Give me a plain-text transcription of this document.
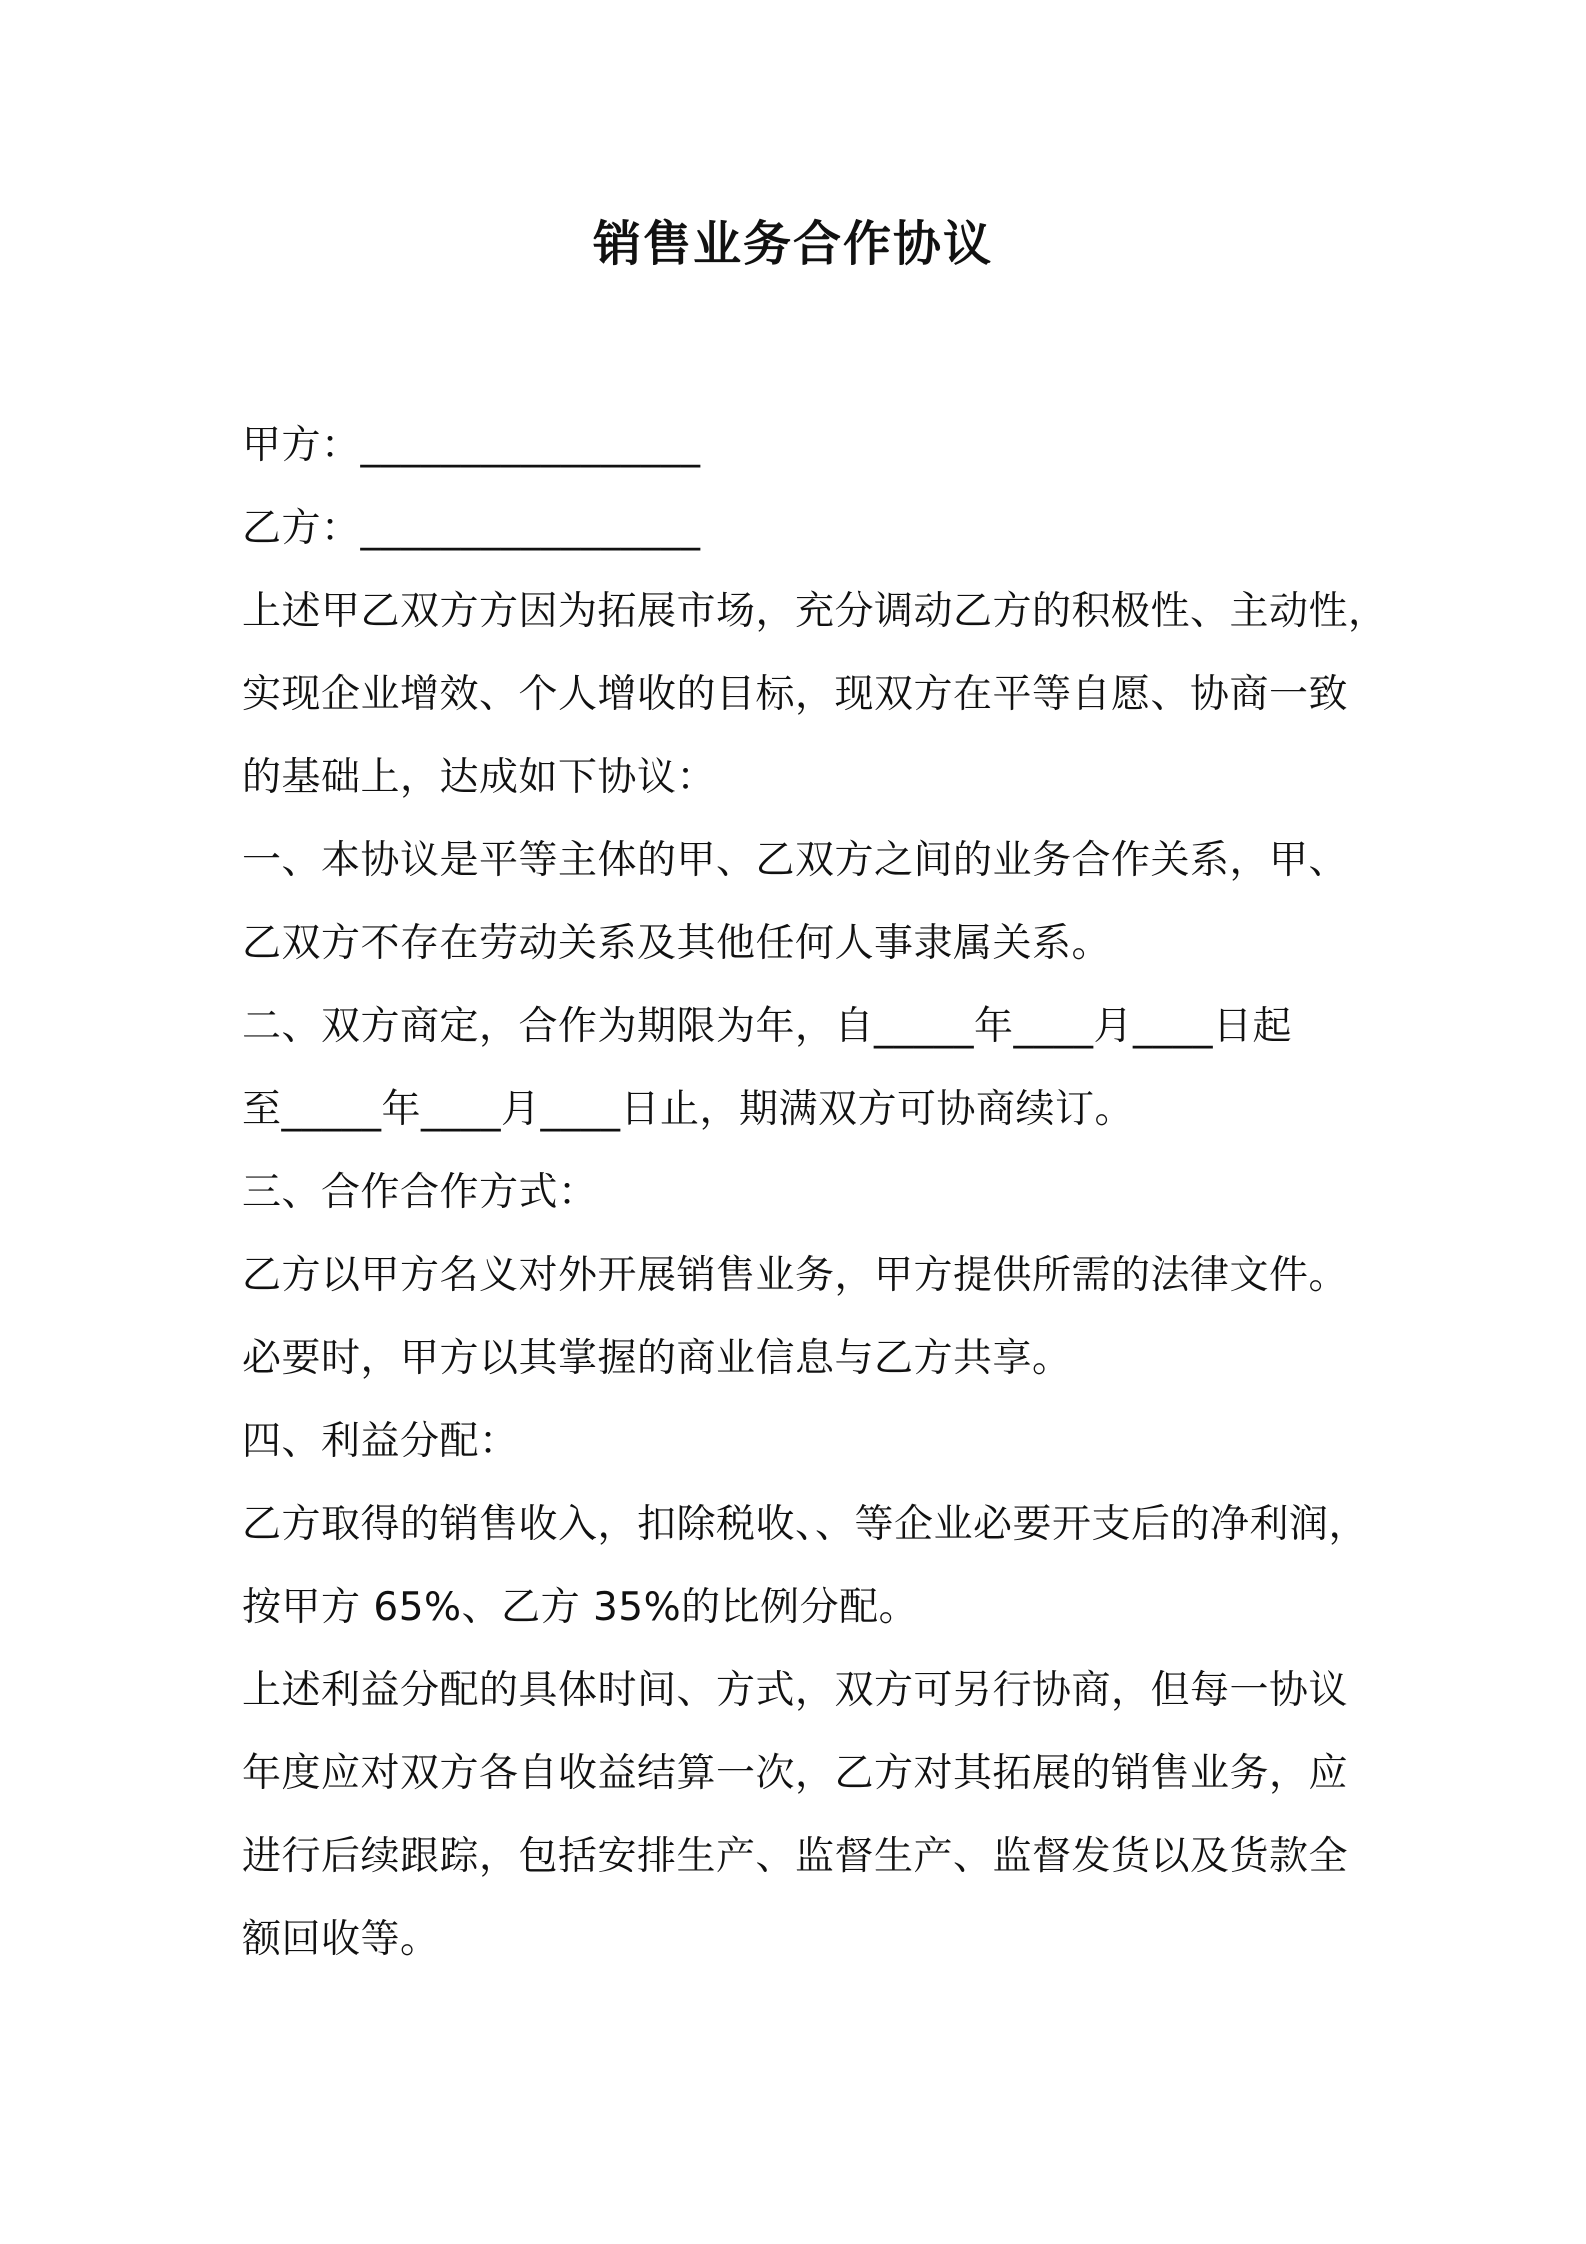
销售业务合作协议
甲方：_________________
乙方：_________________
上述甲乙双方方因为拓展市场，充分调动乙方的积极性、主动性，
实现企业增效、个人增收的目标，现双方在平等自愿、协商一致
的基础上，达成如下协议：
一、本协议是平等主体的甲、乙双方之间的业务合作关系，甲、
乙双方不存在劳动关系及其他任何人事隶属关系。
二、双方商定，合作为期限为年，自_____年____月____日起
至_____年____月____日止，期满双方可协商续订。
三、合作合作方式：
乙方以甲方名义对外开展销售业务，甲方提供所需的法律文件。
必要时，甲方以其掌握的商业信息与乙方共享。
四、利益分配：
乙方取得的销售收入，扣除税收、、等企业必要开支后的净利润，
按甲方 65%、乙方 35%的比例分配。
上述利益分配的具体时间、方式，双方可另行协商，但每一协议
年度应对双方各自收益结算一次，乙方对其拓展的销售业务，应
进行后续跟踪，包括安排生产、监督生产、监督发货以及货款全
额回收等。
